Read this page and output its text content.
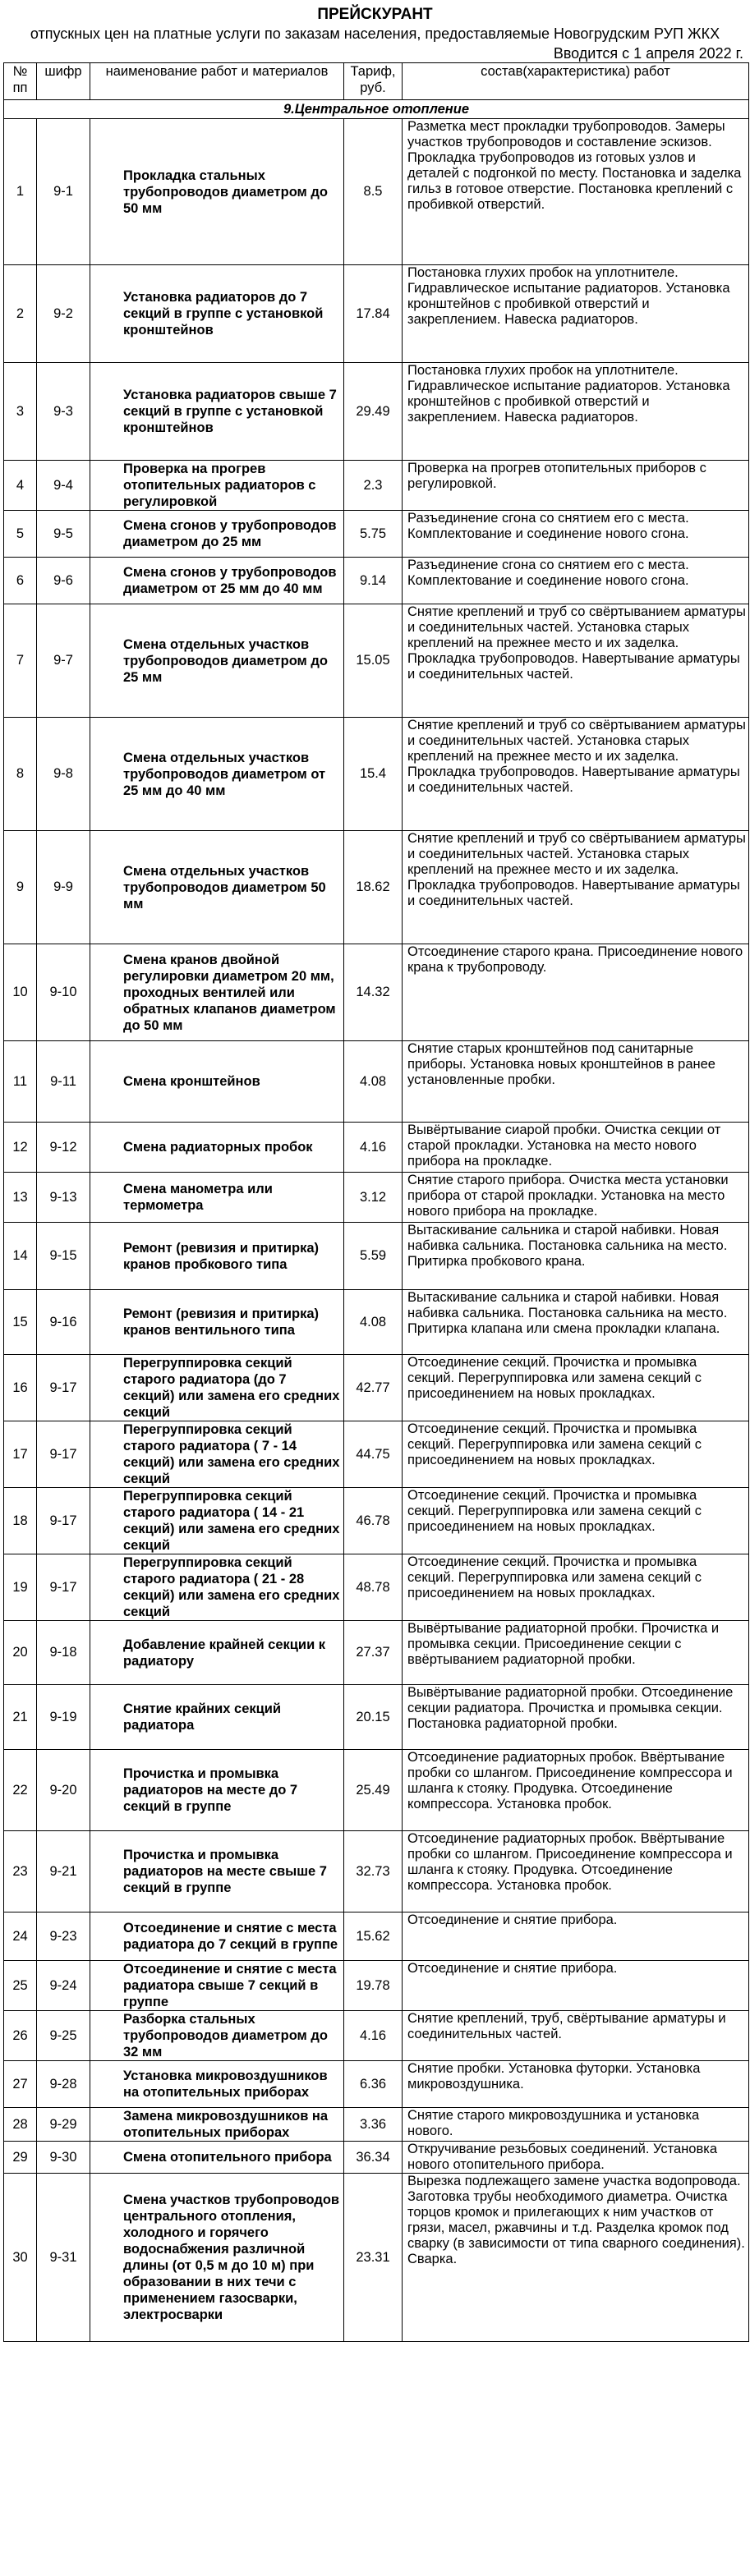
ПРЕЙСКУРАНТ
отпускных цен на платные услуги по заказам населения, предоставляемые Новогрудским РУП ЖКХ
Вводится с 1 апреля 2022 г.
№ пп	шифр	наименование работ и материалов	Тариф, руб.	состав(характеристика) работ
9.Центральное отопление				
1	9-1	Прокладка стальных трубопроводов диаметром до 50 мм	8.5	Разметка мест прокладки трубопроводов. Замеры участков трубопроводов и составление эскизов. Прокладка трубопроводов из готовых узлов и деталей с подгонкой по месту. Постановка и заделка гильз в готовое отверстие. Постановка креплений с пробивкой отверстий.
2	9-2	Установка радиаторов до 7 секций в группе с установкой кронштейнов	17.84	Постановка глухих пробок на уплотнителе. Гидравлическое испытание радиаторов. Установка кронштейнов с пробивкой отверстий и закреплением. Навеска радиаторов.
3	9-3	Установка радиаторов свыше 7 секций в группе с установкой кронштейнов	29.49	Постановка глухих пробок на уплотнителе. Гидравлическое испытание радиаторов. Установка кронштейнов с пробивкой отверстий и закреплением. Навеска радиаторов.
4	9-4	Проверка на прогрев отопительных радиаторов с регулировкой	2.3	Проверка на прогрев отопительных приборов с регулировкой.
5	9-5	Смена сгонов у трубопроводов диаметром до 25 мм	5.75	Разъединение сгона со снятием его с места. Комплектование и соединение нового сгона.
6	9-6	Смена сгонов у трубопроводов диаметром от 25 мм до 40 мм	9.14	Разъединение сгона со снятием его с места. Комплектование и соединение нового сгона.
7	9-7	Смена отдельных участков трубопроводов диаметром до 25 мм	15.05	Снятие креплений и труб со свёртыванием арматуры и соединительных частей. Установка старых креплений на прежнее место и их заделка. Прокладка трубопроводов. Навертывание арматуры и соединительных частей.
8	9-8	Смена отдельных участков трубопроводов диаметром от 25 мм до 40 мм	15.4	Снятие креплений и труб со свёртыванием арматуры и соединительных частей. Установка старых креплений на прежнее место и их заделка. Прокладка трубопроводов. Навертывание арматуры и соединительных частей.
9	9-9	Смена отдельных участков трубопроводов диаметром 50 мм	18.62	Снятие креплений и труб со свёртыванием арматуры и соединительных частей. Установка старых креплений на прежнее место и их заделка. Прокладка трубопроводов. Навертывание арматуры и соединительных частей.
10	9-10	Смена кранов двойной регулировки диаметром 20 мм, проходных вентилей или обратных клапанов диаметром до 50 мм	14.32	Отсоединение старого крана. Присоединение нового крана к трубопроводу.
11	9-11	Смена кронштейнов	4.08	Снятие старых кронштейнов под санитарные приборы. Установка новых кронштейнов в ранее установленные пробки.
12	9-12	Смена радиаторных пробок	4.16	Вывёртывание сиарой пробки. Очистка секции от старой прокладки. Установка на место нового прибора на прокладке.
13	9-13	Смена манометра или термометра	3.12	Снятие старого прибора. Очистка места установки прибора от старой прокладки. Установка на место нового прибора на прокладке.
14	9-15	Ремонт (ревизия и притирка) кранов пробкового типа	5.59	Вытаскивание сальника и старой набивки. Новая набивка сальника. Постановка сальника на место. Притирка пробкового крана.
15	9-16	Ремонт (ревизия и притирка) кранов вентильного типа	4.08	Вытаскивание сальника и старой набивки. Новая набивка сальника. Постановка сальника на место. Притирка клапана или смена прокладки клапана.
16	9-17	Перегруппировка секций старого радиатора (до 7 секций) или замена его средних секций	42.77	Отсоединение секций. Прочистка и промывка секций. Перегруппировка или замена секций с присоединением на новых прокладках.
17	9-17	Перегруппировка секций старого радиатора ( 7 - 14 секций) или замена его средних секций	44.75	Отсоединение секций. Прочистка и промывка секций. Перегруппировка или замена секций с присоединением на новых прокладках.
18	9-17	Перегруппировка секций старого радиатора ( 14 - 21 секций) или замена его средних секций	46.78	Отсоединение секций. Прочистка и промывка секций. Перегруппировка или замена секций с присоединением на новых прокладках.
19	9-17	Перегруппировка секций старого радиатора ( 21 - 28 секций) или замена его средних секций	48.78	Отсоединение секций. Прочистка и промывка секций. Перегруппировка или замена секций с присоединением на новых прокладках.
20	9-18	Добавление крайней секции к радиатору	27.37	Вывёртывание радиаторной пробки. Прочистка и промывка секции. Присоединение секции с ввёртыванием радиаторной пробки.
21	9-19	Снятие крайних секций радиатора	20.15	Вывёртывание радиаторной пробки. Отсоединение секции радиатора. Прочистка и промывка секции. Постановка радиаторной пробки.
22	9-20	Прочистка и промывка радиаторов на месте до 7 секций в группе	25.49	Отсоединение радиаторных пробок. Ввёртывание пробки со шлангом. Присоединение компрессора и шланга к стояку. Продувка. Отсоединение компрессора. Установка пробок.
23	9-21	Прочистка и промывка радиаторов на месте свыше 7 секций в группе	32.73	Отсоединение радиаторных пробок. Ввёртывание пробки со шлангом. Присоединение компрессора и шланга к стояку. Продувка. Отсоединение компрессора. Установка пробок.
24	9-23	Отсоединение и снятие с места радиатора до 7 секций в группе	15.62	Отсоединение и снятие прибора.
25	9-24	Отсоединение и снятие с места радиатора свыше 7 секций в группе	19.78	Отсоединение и снятие прибора.
26	9-25	Разборка стальных трубопроводов диаметром до 32 мм	4.16	Снятие креплений, труб, свёртывание арматуры и соединительных частей.
27	9-28	Установка микровоздушников на отопительных приборах	6.36	Снятие пробки. Установка футорки. Установка микровоздушника.
28	9-29	Замена микровоздушников на отопительных приборах	3.36	Снятие старого микровоздушника и установка нового.
29	9-30	Смена отопительного прибора	36.34	Откручивание резьбовых соединений. Установка нового отопительного прибора.
30	9-31	Смена участков трубопроводов центрального отопления, холодного и горячего водоснабжения различной длины (от 0,5 м до 10 м) при образовании в них течи с применением газосварки, электросварки	23.31	Вырезка подлежащего замене участка водопровода. Заготовка трубы необходимого диаметра. Очистка торцов кромок и прилегающих к ним участков от грязи, масел, ржавчины и т.д. Разделка кромок под сварку (в зависимости от типа сварного соединения). Сварка.
